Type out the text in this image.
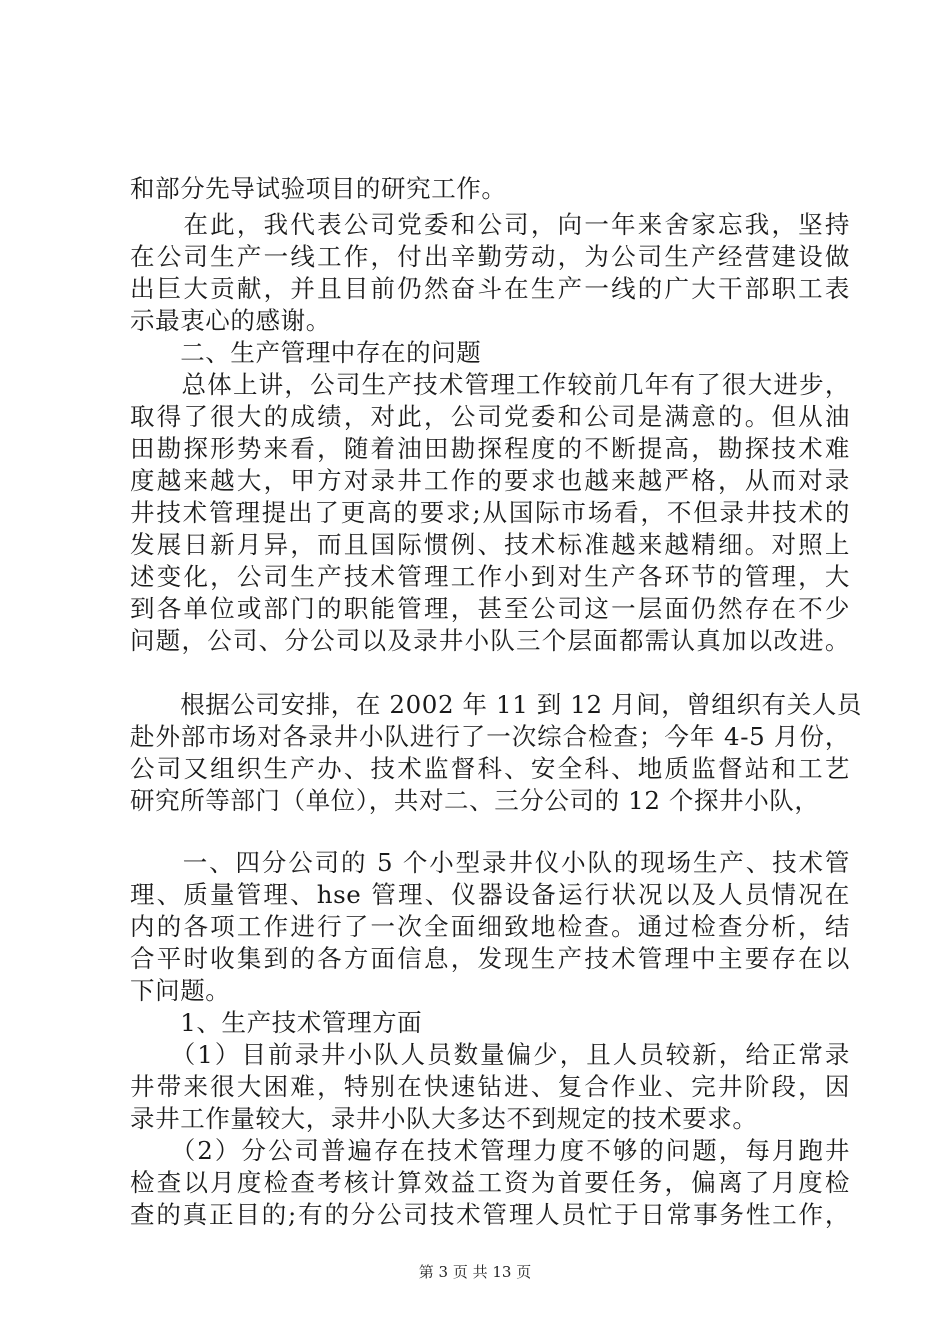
和部分先导试验项目的研究工作。
　　在此，我代表公司党委和公司，向一年来舍家忘我，坚持
在公司生产一线工作，付出辛勤劳动，为公司生产经营建设做
出巨大贡献，并且目前仍然奋斗在生产一线的广大干部职工表
示最衷心的感谢。
　　二、生产管理中存在的问题
　　总体上讲，公司生产技术管理工作较前几年有了很大进步，
取得了很大的成绩，对此，公司党委和公司是满意的。但从油
田勘探形势来看，随着油田勘探程度的不断提高，勘探技术难
度越来越大，甲方对录井工作的要求也越来越严格，从而对录
井技术管理提出了更高的要求;从国际市场看，不但录井技术的
发展日新月异，而且国际惯例、技术标准越来越精细。对照上
述变化，公司生产技术管理工作小到对生产各环节的管理，大
到各单位或部门的职能管理，甚至公司这一层面仍然存在不少
问题，公司、分公司以及录井小队三个层面都需认真加以改进。
　　根据公司安排，在 2002 年 11 到 12 月间，曾组织有关人员
赴外部市场对各录井小队进行了一次综合检查；今年 4-5 月份，
公司又组织生产办、技术监督科、安全科、地质监督站和工艺
研究所等部门（单位），共对二、三分公司的 12 个探井小队，
　　一、四分公司的 5 个小型录井仪小队的现场生产、技术管
理、质量管理、hse 管理、仪器设备运行状况以及人员情况在
内的各项工作进行了一次全面细致地检查。通过检查分析，结
合平时收集到的各方面信息，发现生产技术管理中主要存在以
下问题。
　　1、生产技术管理方面
　　（1）目前录井小队人员数量偏少，且人员较新，给正常录
井带来很大困难，特别在快速钻进、复合作业、完井阶段，因
录井工作量较大，录井小队大多达不到规定的技术要求。
　　（2）分公司普遍存在技术管理力度不够的问题，每月跑井
检查以月度检查考核计算效益工资为首要任务，偏离了月度检
查的真正目的;有的分公司技术管理人员忙于日常事务性工作，
第 3 页 共 13 页
